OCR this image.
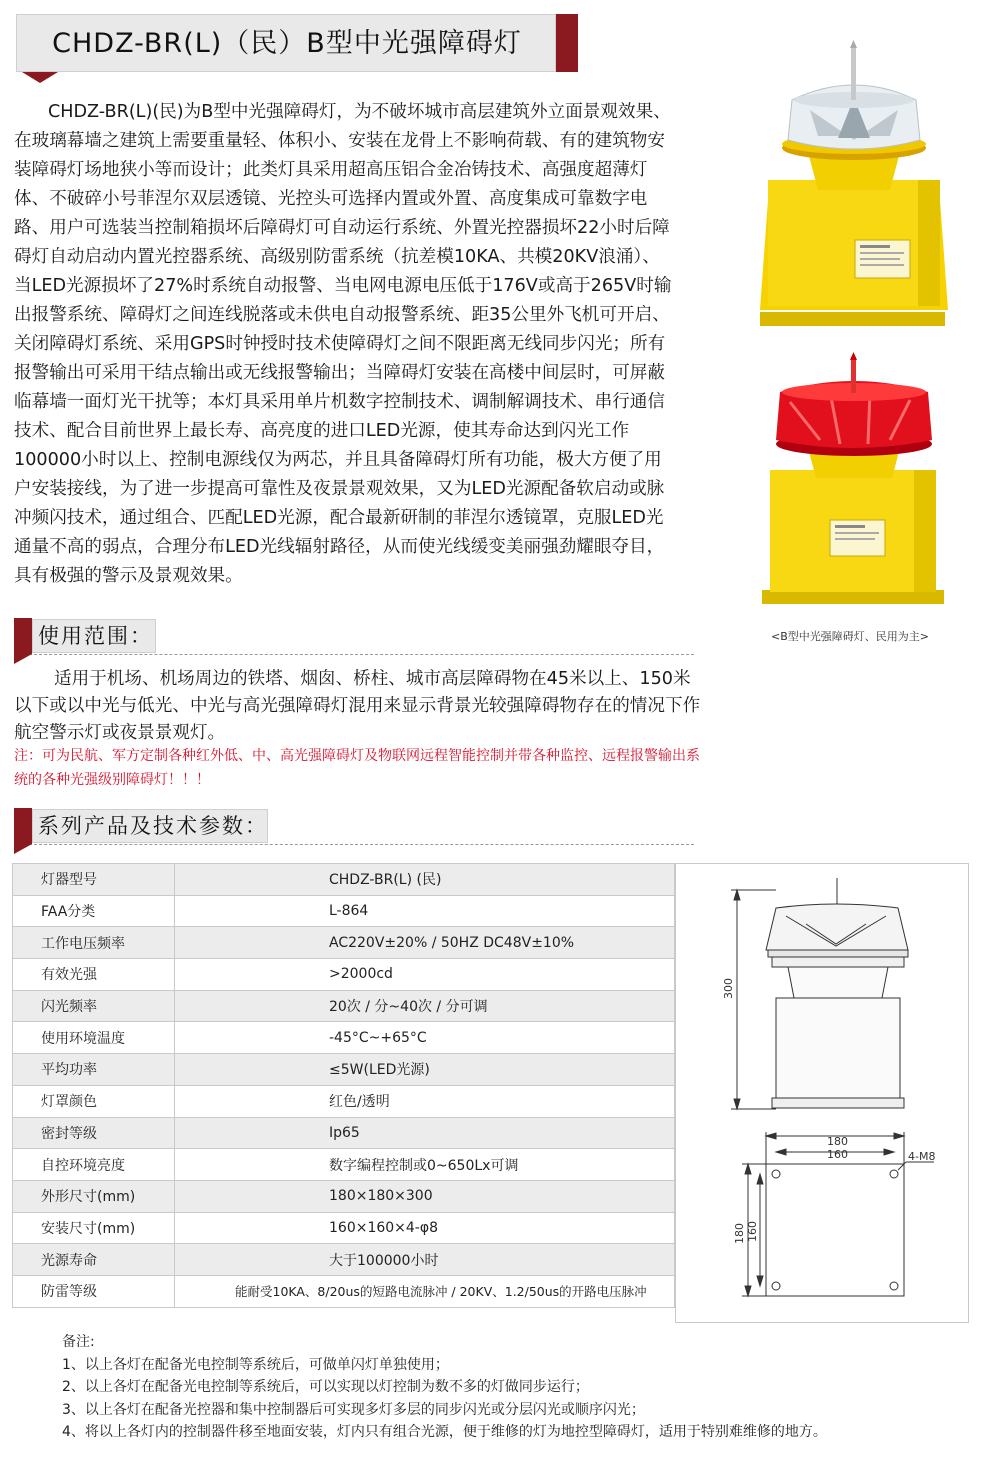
CHDZ-BR(L)（民）B型中光强障碍灯
CHDZ-BR(L)(民)为B型中光强障碍灯，为不破坏城市高层建筑外立面景观效果、在玻璃幕墙之建筑上需要重量轻、体积小、安装在龙骨上不影响荷载、有的建筑物安装障碍灯场地狭小等而设计；此类灯具采用超高压铝合金冶铸技术、高强度超薄灯体、不破碎小号菲涅尔双层透镜、光控头可选择内置或外置、高度集成可靠数字电路、用户可选装当控制箱损坏后障碍灯可自动运行系统、外置光控器损坏22小时后障碍灯自动启动内置光控器系统、高级别防雷系统（抗差模10KA、共模20KV浪涌）、当LED光源损坏了27%时系统自动报警、当电网电源电压低于176V或高于265V时输出报警系统、障碍灯之间连线脱落或未供电自动报警系统、距35公里外飞机可开启、关闭障碍灯系统、采用GPS时钟授时技术使障碍灯之间不限距离无线同步闪光；所有报警输出可采用干结点输出或无线报警输出；当障碍灯安装在高楼中间层时，可屏蔽临幕墙一面灯光干扰等；本灯具采用单片机数字控制技术、调制解调技术、串行通信技术、配合目前世界上最长寿、高亮度的进口LED光源，使其寿命达到闪光工作100000小时以上、控制电源线仅为两芯，并且具备障碍灯所有功能，极大方便了用户安装接线，为了进一步提高可靠性及夜景景观效果，又为LED光源配备软启动或脉冲频闪技术，通过组合、匹配LED光源，配合最新研制的菲涅尔透镜罩，克服LED光通量不高的弱点，合理分布LED光线辐射路径，从而使光线缓变美丽强劲耀眼夺目，具有极强的警示及景观效果。
<B型中光强障碍灯、民用为主>
使用范围：
适用于机场、机场周边的铁塔、烟囱、桥柱、城市高层障碍物在45米以上、150米以下或以中光与低光、中光与高光强障碍灯混用来显示背景光较强障碍物存在的情况下作航空警示灯或夜景景观灯。
注：可为民航、军方定制各种红外低、中、高光强障碍灯及物联网远程智能控制并带各种监控、远程报警输出系统的各种光强级别障碍灯！！！
系列产品及技术参数：
灯器型号	CHDZ-BR(L) (民)
FAA分类	L-864
工作电压频率	AC220V±20% / 50HZ DC48V±10%
有效光强	>2000cd
闪光频率	20次 / 分~40次 / 分可调
使用环境温度	-45°C~+65°C
平均功率	≤5W(LED光源)
灯罩颜色	红色/透明
密封等级	Ip65
自控环境亮度	数字编程控制或0~650Lx可调
外形尺寸(mm)	180×180×300
安装尺寸(mm)	160×160×4-φ8
光源寿命	大于100000小时
防雷等级	能耐受10KA、8/20us的短路电流脉冲 / 20KV、1.2/50us的开路电压脉冲
300
180
160
180 160
4-M8
备注:
1、以上各灯在配备光电控制等系统后，可做单闪灯单独使用；
2、以上各灯在配备光电控制等系统后，可以实现以灯控制为数不多的灯做同步运行；
3、以上各灯在配备光控器和集中控制器后可实现多灯多层的同步闪光或分层闪光或顺序闪光；
4、将以上各灯内的控制器件移至地面安装，灯内只有组合光源，便于维修的灯为地控型障碍灯，适用于特别难维修的地方。
